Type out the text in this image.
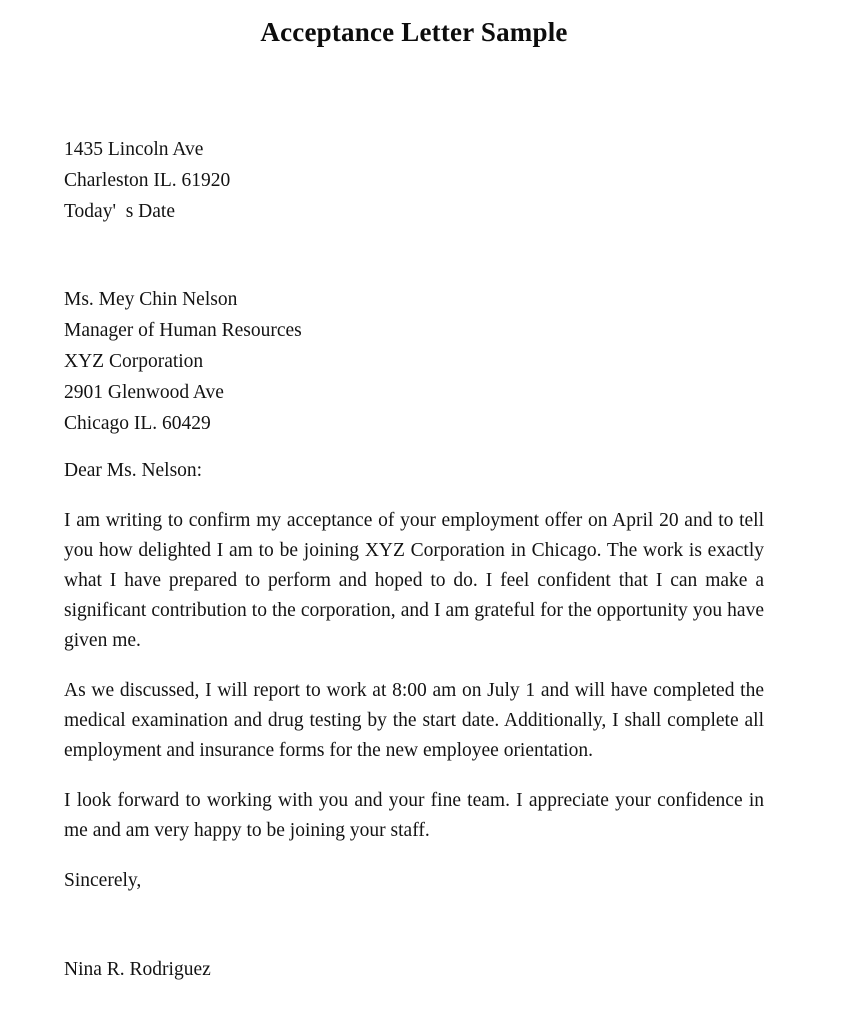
Acceptance Letter Sample
1435 Lincoln Ave
Charleston IL. 61920
Today'  s Date
Ms. Mey Chin Nelson
Manager of Human Resources
XYZ Corporation
2901 Glenwood Ave
Chicago IL. 60429
Dear Ms. Nelson:

I am writing to confirm my acceptance of your employment offer on April 20 and to tell you how delighted I am to be joining XYZ Corporation in Chicago. The work is exactly what I have prepared to perform and hoped to do. I feel confident that I can make a significant contribution to the corporation, and I am grateful for the opportunity you have given me.

As we discussed, I will report to work at 8:00 am on July 1 and will have completed the medical examination and drug testing by the start date. Additionally, I shall complete all employment and insurance forms for the new employee orientation.

I look forward to working with you and your fine team. I appreciate your confidence in me and am very happy to be joining your staff.

Sincerely,
Nina R. Rodriguez
